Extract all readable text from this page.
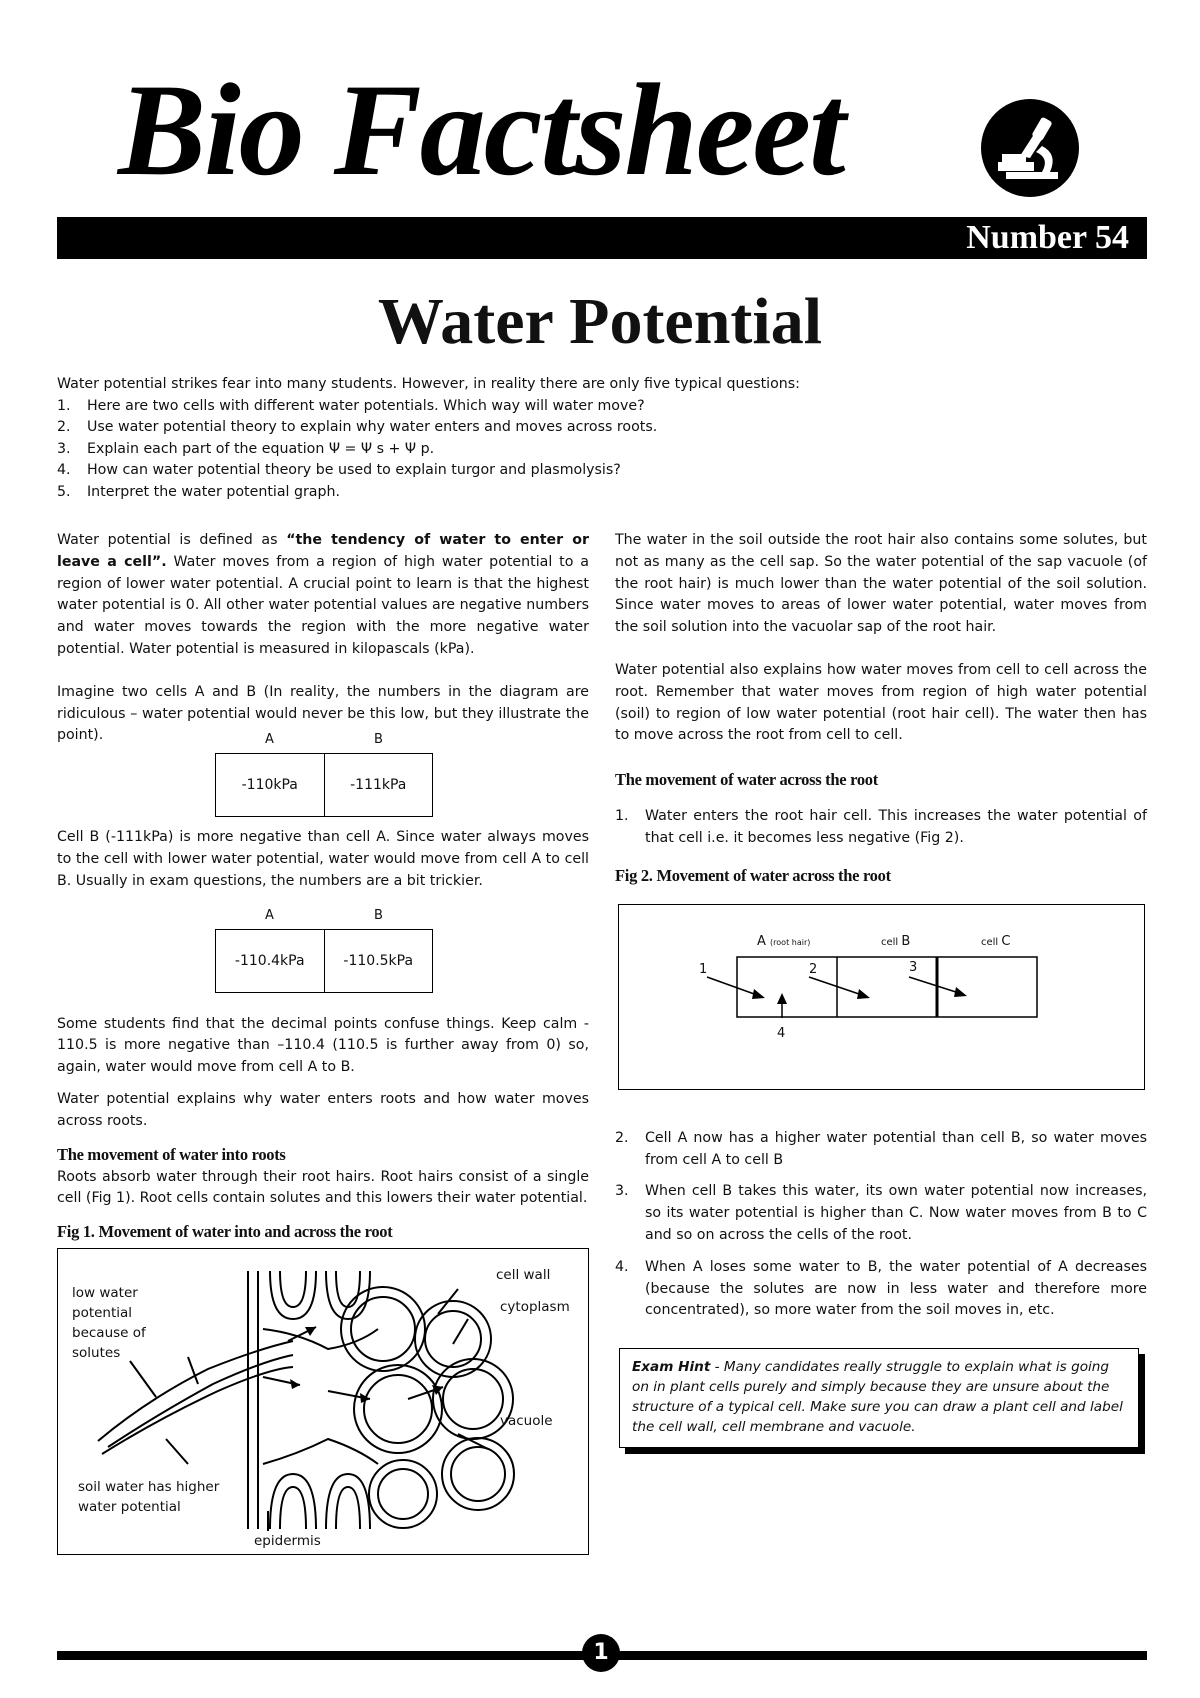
Bio Factsheet
Number 54
Water Potential

Water potential strikes fear into many students. However, in reality there are only five typical questions:

1.	Here are two cells with different water potentials. Which way will water move?
2.	Use water potential theory to explain why water enters and moves across roots.
3.	Explain each part of the equation Ψ = Ψ s + Ψ p.
4.	How can water potential theory be used to explain turgor and plasmolysis?
5.	Interpret the water potential graph.

Water potential is defined as “the tendency of water to enter or leave a cell”. Water moves from a region of high water potential to a region of lower water potential. A crucial point to learn is that the highest water potential is 0. All other water potential values are negative numbers and water moves towards the region with the more negative water potential. Water potential is measured in kilopascals (kPa).

Imagine two cells A and B (In reality, the numbers in the diagram are ridiculous – water potential would never be this low, but they illustrate the point).	A	B
-110kPa	-111kPa

Cell B (-111kPa) is more negative than cell A. Since water always moves to the cell with lower water potential, water would move from cell A to cell B. Usually in exam questions, the numbers are a bit trickier.

A	B
-110.4kPa	-110.5kPa

Some students find that the decimal points confuse things. Keep calm - 110.5 is more negative than –110.4 (110.5 is further away from 0) so, again, water would move from cell A to B.

Water potential explains why water enters roots and how water moves across roots.

The movement of water into roots

Roots absorb water through their root hairs. Root hairs consist of a single cell (Fig 1). Root cells contain solutes and this lowers their water potential.

Fig 1. Movement of water into and across the root
low water
potential
because of
solutes
cell wall
cytoplasm
vacuole
soil water has higher
water potential
epidermis

The water in the soil outside the root hair also contains some solutes, but not as many as the cell sap. So the water potential of the sap vacuole (of the root hair) is much lower than the water potential of the soil solution. Since water moves to areas of lower water potential, water moves from the soil solution into the vacuolar sap of the root hair.

Water potential also explains how water moves from cell to cell across the root. Remember that water moves from region of high water potential (soil) to region of low water potential (root hair cell). The water then has to move across the root from cell to cell.

The movement of water across the root
1.	Water enters the root hair cell. This increases the water potential of that cell i.e. it becomes less negative (Fig 2).
Fig 2. Movement of water across the root
A (root hair)	cell B	cell C
1	2	3
4
2.	Cell A now has a higher water potential than cell B, so water moves from cell A to cell B
3.	When cell B takes this water, its own water potential now increases, so its water potential is higher than C. Now water moves from B to C and so on across the cells of the root.
4.	When A loses some water to B, the water potential of A decreases (because the solutes are now in less water and therefore more concentrated), so more water from the soil moves in, etc.
Exam Hint - Many candidates really struggle to explain what is going on in plant cells purely and simply because they are unsure about the structure of a typical cell. Make sure you can draw a plant cell and label the cell wall, cell membrane and vacuole.
1
